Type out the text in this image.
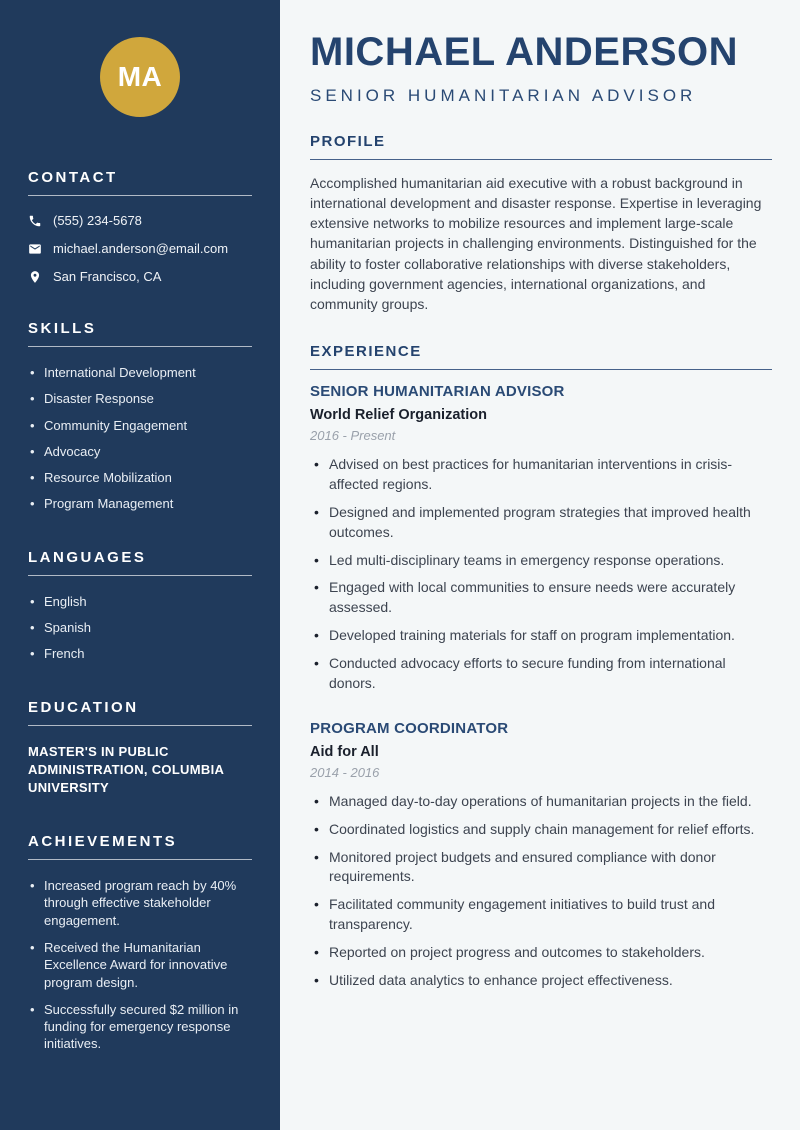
MA
CONTACT
(555) 234-5678
michael.anderson@email.com
San Francisco, CA
SKILLS
• International Development
• Disaster Response
• Community Engagement
• Advocacy
• Resource Mobilization
• Program Management
LANGUAGES
• English
• Spanish
• French
EDUCATION
MASTER'S IN PUBLIC ADMINISTRATION, COLUMBIA UNIVERSITY
ACHIEVEMENTS
• Increased program reach by 40% through effective stakeholder engagement.
• Received the Humanitarian Excellence Award for innovative program design.
• Successfully secured $2 million in funding for emergency response initiatives.
MICHAEL ANDERSON
SENIOR HUMANITARIAN ADVISOR
PROFILE

Accomplished humanitarian aid executive with a robust background in international development and disaster response. Expertise in leveraging extensive networks to mobilize resources and implement large-scale humanitarian projects in challenging environments. Distinguished for the ability to foster collaborative relationships with diverse stakeholders, including government agencies, international organizations, and community groups.

EXPERIENCE
SENIOR HUMANITARIAN ADVISOR
World Relief Organization
2016 - Present
• Advised on best practices for humanitarian interventions in crisis-affected regions.
• Designed and implemented program strategies that improved health outcomes.
• Led multi-disciplinary teams in emergency response operations.
• Engaged with local communities to ensure needs were accurately assessed.
• Developed training materials for staff on program implementation.
• Conducted advocacy efforts to secure funding from international donors.
PROGRAM COORDINATOR
Aid for All
2014 - 2016
• Managed day-to-day operations of humanitarian projects in the field.
• Coordinated logistics and supply chain management for relief efforts.
• Monitored project budgets and ensured compliance with donor requirements.
• Facilitated community engagement initiatives to build trust and transparency.
• Reported on project progress and outcomes to stakeholders.
• Utilized data analytics to enhance project effectiveness.
